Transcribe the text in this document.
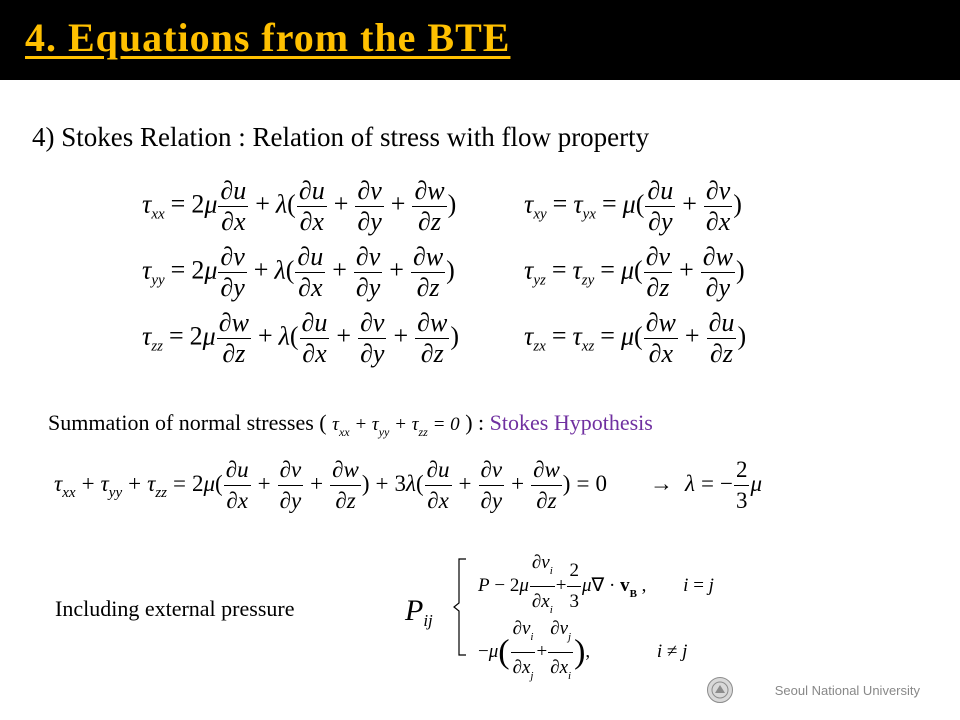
4. Equations from the BTE
4) Stokes Relation : Relation of stress with flow property
$\tau_{xx} = 2\mu \frac{\partial u}{\partial x} + \lambda( \frac{\partial u}{\partial x} + \frac{\partial v}{\partial y} + \frac{\partial w}{\partial z}$ )
$\tau_{yy} = 2\mu \frac{\partial v}{\partial y} + \lambda( \frac{\partial u}{\partial x} + \frac{\partial v}{\partial y} + \frac{\partial w}{\partial z}$ )
$\tau_{zz} = 2\mu \frac{\partial w}{\partial z} + \lambda( \frac{\partial u}{\partial x} + \frac{\partial v}{\partial y} + \frac{\partial w}{\partial z}$ )
$\tau_{xy} = \tau_{yx} = \mu( \frac{\partial u}{\partial y} + \frac{\partial v}{\partial x}$ )
$\tau_{yz} = \tau_{zy} = \mu( \frac{\partial v}{\partial z} + \frac{\partial w}{\partial y}$ )
$\tau_{zx} = \tau_{xz} = \mu( \frac{\partial w}{\partial x} + \frac{\partial u}{\partial z}$ )
Summation of normal stresses ( $\tau_{xx} + \tau_{yy} + \tau_{zz} = 0$ ) : Stokes Hypothesis
$\tau_{xx} + \tau_{yy} + \tau_{zz} = 2\mu( \frac{\partial u}{\partial x} + \frac{\partial v}{\partial y} + \frac{\partial w}{\partial z}$ ) + $3\lambda( \frac{\partial u}{\partial x} + \frac{\partial v}{\partial y} + \frac{\partial w}{\partial z}$ ) = 0 → λ = − $\frac{2}{3}$ μ
Including external pressure	$P_{ij}$
$P - 2\mu \frac{\partial v_i}{\partial x_i} + \frac{2}{3} \mu\nabla \cdot v_B$ , i = j
$-\mu( \frac{\partial v_i}{\partial x_j} + \frac{\partial v_j}{\partial x_i}$ ),	i ≠ j
Seoul National University
